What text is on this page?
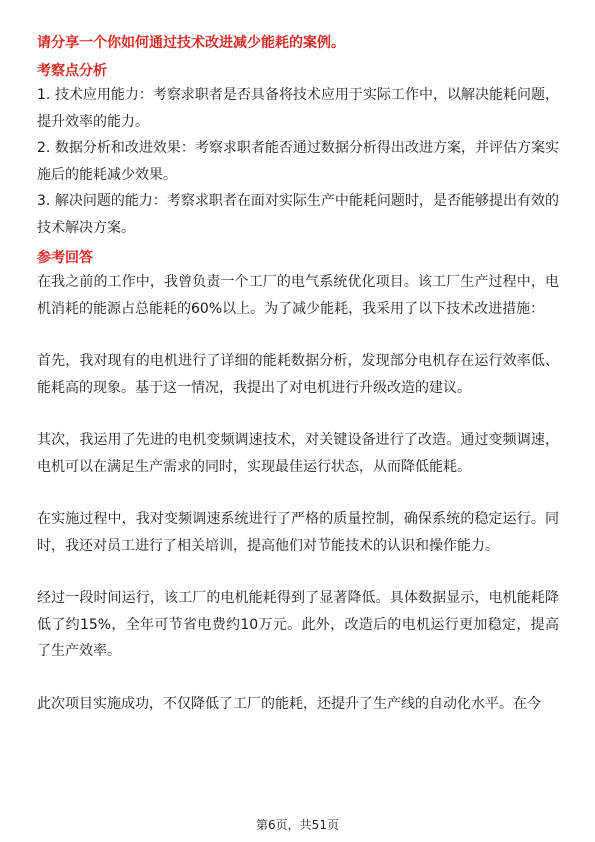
请分享一个你如何通过技术改进减少能耗的案例。

考察点分析

1. 技术应用能力：考察求职者是否具备将技术应用于实际工作中，以解决能耗问题，提升效率的能力。

2. 数据分析和改进效果：考察求职者能否通过数据分析得出改进方案，并评估方案实施后的能耗减少效果。

3. 解决问题的能力：考察求职者在面对实际生产中能耗问题时，是否能够提出有效的技术解决方案。

参考回答

在我之前的工作中，我曾负责一个工厂的电气系统优化项目。该工厂生产过程中，电机消耗的能源占总能耗的60%以上。为了减少能耗，我采用了以下技术改进措施：

首先，我对现有的电机进行了详细的能耗数据分析，发现部分电机存在运行效率低、能耗高的现象。基于这一情况，我提出了对电机进行升级改造的建议。

其次，我运用了先进的电机变频调速技术，对关键设备进行了改造。通过变频调速，电机可以在满足生产需求的同时，实现最佳运行状态，从而降低能耗。

在实施过程中，我对变频调速系统进行了严格的质量控制，确保系统的稳定运行。同时，我还对员工进行了相关培训，提高他们对节能技术的认识和操作能力。

经过一段时间运行，该工厂的电机能耗得到了显著降低。具体数据显示，电机能耗降低了约15%，全年可节省电费约10万元。此外，改造后的电机运行更加稳定，提高了生产效率。

此次项目实施成功，不仅降低了工厂的能耗，还提升了生产线的自动化水平。在今

第6页，共51页
